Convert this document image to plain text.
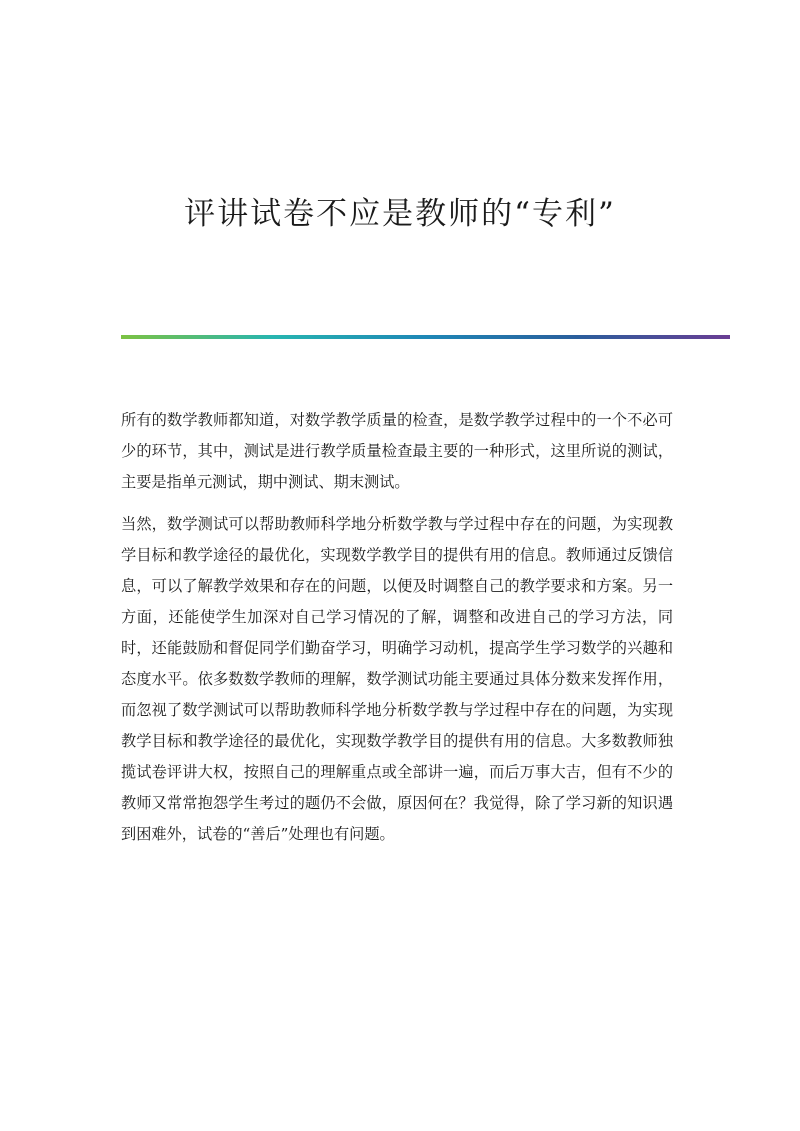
评讲试卷不应是教师的“专利”

所有的数学教师都知道，对数学教学质量的检查，是数学教学过程中的一个不必可少的环节，其中，测试是进行教学质量检查最主要的一种形式，这里所说的测试，主要是指单元测试，期中测试、期末测试。

当然，数学测试可以帮助教师科学地分析数学教与学过程中存在的问题，为实现教学目标和教学途径的最优化，实现数学教学目的提供有用的信息。教师通过反馈信息，可以了解教学效果和存在的问题，以便及时调整自己的教学要求和方案。另一方面，还能使学生加深对自己学习情况的了解，调整和改进自己的学习方法，同时，还能鼓励和督促同学们勤奋学习，明确学习动机，提高学生学习数学的兴趣和态度水平。依多数数学教师的理解，数学测试功能主要通过具体分数来发挥作用，而忽视了数学测试可以帮助教师科学地分析数学教与学过程中存在的问题，为实现教学目标和教学途径的最优化，实现数学教学目的提供有用的信息。大多数教师独揽试卷评讲大权，按照自己的理解重点或全部讲一遍，而后万事大吉，但有不少的教师又常常抱怨学生考过的题仍不会做，原因何在？我觉得，除了学习新的知识遇到困难外，试卷的“善后”处理也有问题。
